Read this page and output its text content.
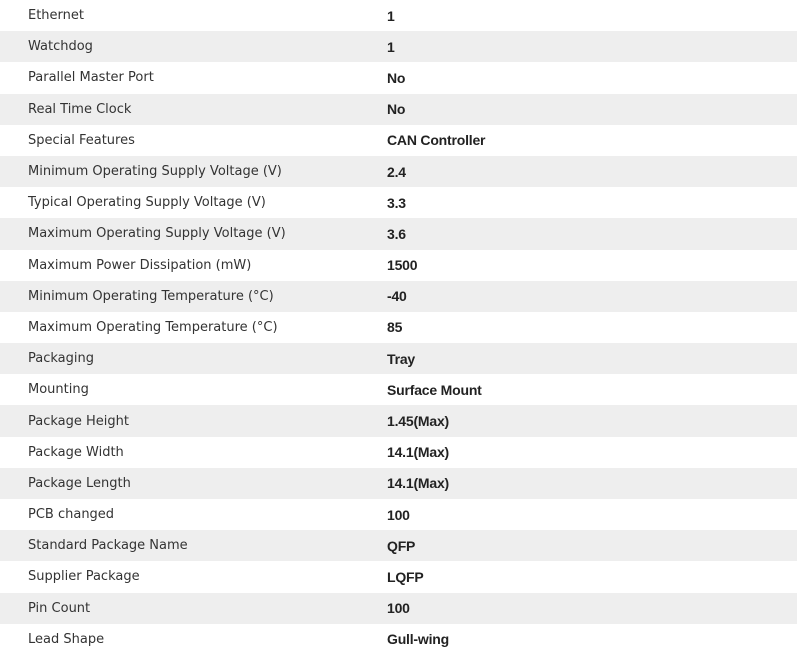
Ethernet	1
Watchdog	1
Parallel Master Port	No
Real Time Clock	No
Special Features	CAN Controller
Minimum Operating Supply Voltage (V)	2.4
Typical Operating Supply Voltage (V)	3.3
Maximum Operating Supply Voltage (V)	3.6
Maximum Power Dissipation (mW)	1500
Minimum Operating Temperature (°C)	-40
Maximum Operating Temperature (°C)	85
Packaging	Tray
Mounting	Surface Mount
Package Height	1.45(Max)
Package Width	14.1(Max)
Package Length	14.1(Max)
PCB changed	100
Standard Package Name	QFP
Supplier Package	LQFP
Pin Count	100
Lead Shape	Gull-wing
